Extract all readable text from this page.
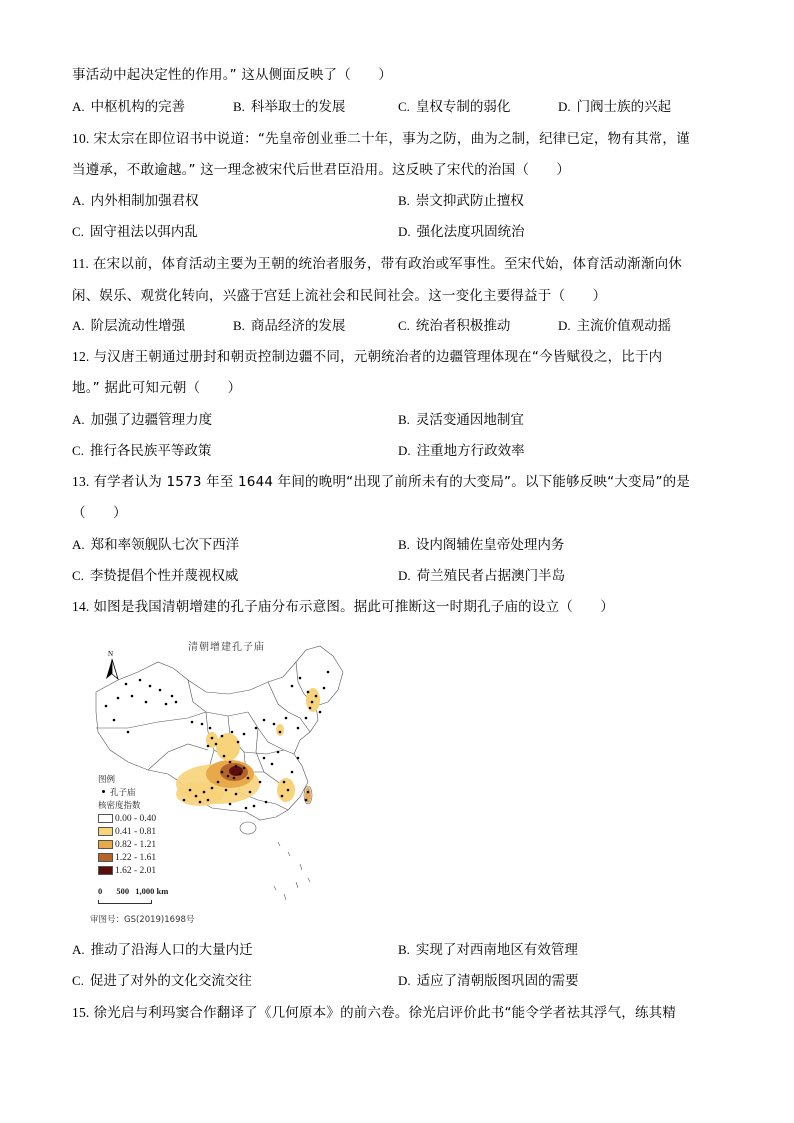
事活动中起决定性的作用。” 这从侧面反映了（　　）
A. 中枢机构的完善	B. 科举取士的发展	C. 皇权专制的弱化	D. 门阀士族的兴起
10. 宋太宗在即位诏书中说道：“先皇帝创业垂二十年，事为之防，曲为之制，纪律已定，物有其常，谨
当遵承，不敢逾越。” 这一理念被宋代后世君臣沿用。这反映了宋代的治国（　　）
A. 内外相制加强君权	B. 崇文抑武防止擅权
C. 固守祖法以弭内乱	D. 强化法度巩固统治
11. 在宋以前，体育活动主要为王朝的统治者服务，带有政治或军事性。至宋代始，体育活动渐渐向休
闲、娱乐、观赏化转向，兴盛于宫廷上流社会和民间社会。这一变化主要得益于（　　）
A. 阶层流动性增强	B. 商品经济的发展	C. 统治者积极推动	D. 主流价值观动摇
12. 与汉唐王朝通过册封和朝贡控制边疆不同，元朝统治者的边疆管理体现在“今皆赋役之，比于内
地。” 据此可知元朝（　　）
A. 加强了边疆管理力度	B. 灵活变通因地制宜
C. 推行各民族平等政策	D. 注重地方行政效率
13. 有学者认为 1573 年至 1644 年间的晚明“出现了前所未有的大变局”。以下能够反映“大变局”的是
（　　）
A. 郑和率领舰队七次下西洋	B. 设内阁辅佐皇帝处理内务
C. 李贽提倡个性并蔑视权威	D. 荷兰殖民者占据澳门半岛
14. 如图是我国清朝增建的孔子庙分布示意图。据此可推断这一时期孔子庙的设立（　　）
清朝增建孔子庙
N
图例
孔子庙
核密度指数
0.00 - 0.40
0.41 - 0.81
0.82 - 1.21
1.22 - 1.61
1.62 - 2.01
0 500 1,000 km
审图号：GS(2019)1698号
A. 推动了沿海人口的大量内迁	B. 实现了对西南地区有效管理
C. 促进了对外的文化交流交往	D. 适应了清朝版图巩固的需要
15. 徐光启与利玛窦合作翻译了《几何原本》的前六卷。徐光启评价此书“能令学者祛其浮气，练其精
